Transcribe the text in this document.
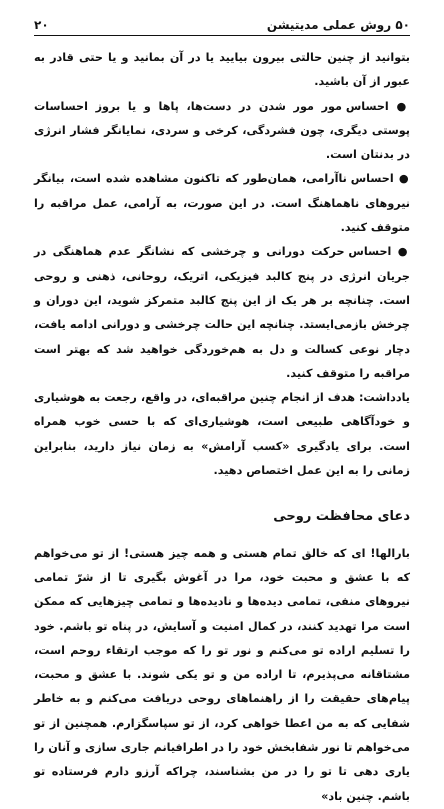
۵۰ روش عملی مدیتیشن
۲۰

بتوانید از چنین حالتی بیرون بیایید یا در آن بمانید و یا حتی قادر به عبور از آن باشید.

● احساس مور مور شدن در دست‌ها، پاها و یا بروز احساسات پوستی دیگری، چون فشردگی، کرخی و سردی، نمایانگر فشار انرژی در بدنتان است.

● احساس ناآرامی، همان‌طور که تاکنون مشاهده شده است، بیانگر نیروهای ناهماهنگ است. در این صورت، به آرامی، عمل مراقبه را متوقف کنید.

● احساس حرکت دورانی و چرخشی که نشانگر عدم هماهنگی در جریان انرژی در پنج کالبد فیزیکی، اتریک، روحانی، ذهنی و روحی است. چنانچه بر هر یک از این پنج کالبد متمرکز شوید، این دوران و چرخش بازمی‌ایستد. چنانچه این حالت چرخشی و دورانی ادامه یافت، دچار نوعی کسالت و دل به هم‌خوردگی خواهید شد که بهتر است مراقبه را متوقف کنید.

یادداشت: هدف از انجام چنین مراقبه‌ای، در واقع، رجعت به هوشیاری و خودآگاهی طبیعی است، هوشیاری‌ای که با حسی خوب همراه است. برای یادگیری «کسب آرامش» به زمان نیاز دارید، بنابراین زمانی را به این عمل اختصاص دهید.

دعای محافظت روحی

بارالها! ای که خالق تمام هستی و همه چیز هستی! از تو می‌خواهم که با عشق و محبت خود، مرا در آغوش بگیری تا از شرّ تمامی نیروهای منفی، تمامی دیده‌ها و نادیده‌ها و تمامی چیزهایی که ممکن است مرا تهدید کنند، در کمال امنیت و آسایش، در پناه تو باشم. خود را تسلیم اراده تو می‌کنم و نور تو را که موجب ارتقاء روحم است، مشتاقانه می‌پذیرم، تا اراده من و تو یکی شوند. با عشق و محبت، پیام‌های حقیقت را از راهنماهای روحی دریافت می‌کنم و به خاطر شفایی که به من اعطا خواهی کرد، از تو سپاسگزارم. همچنین از تو می‌خواهم تا نور شفابخش خود را در اطرافیانم جاری سازی و آنان را یاری دهی تا تو را در من بشناسند، چراکه آرزو دارم فرستاده تو باشم. چنین باد»
